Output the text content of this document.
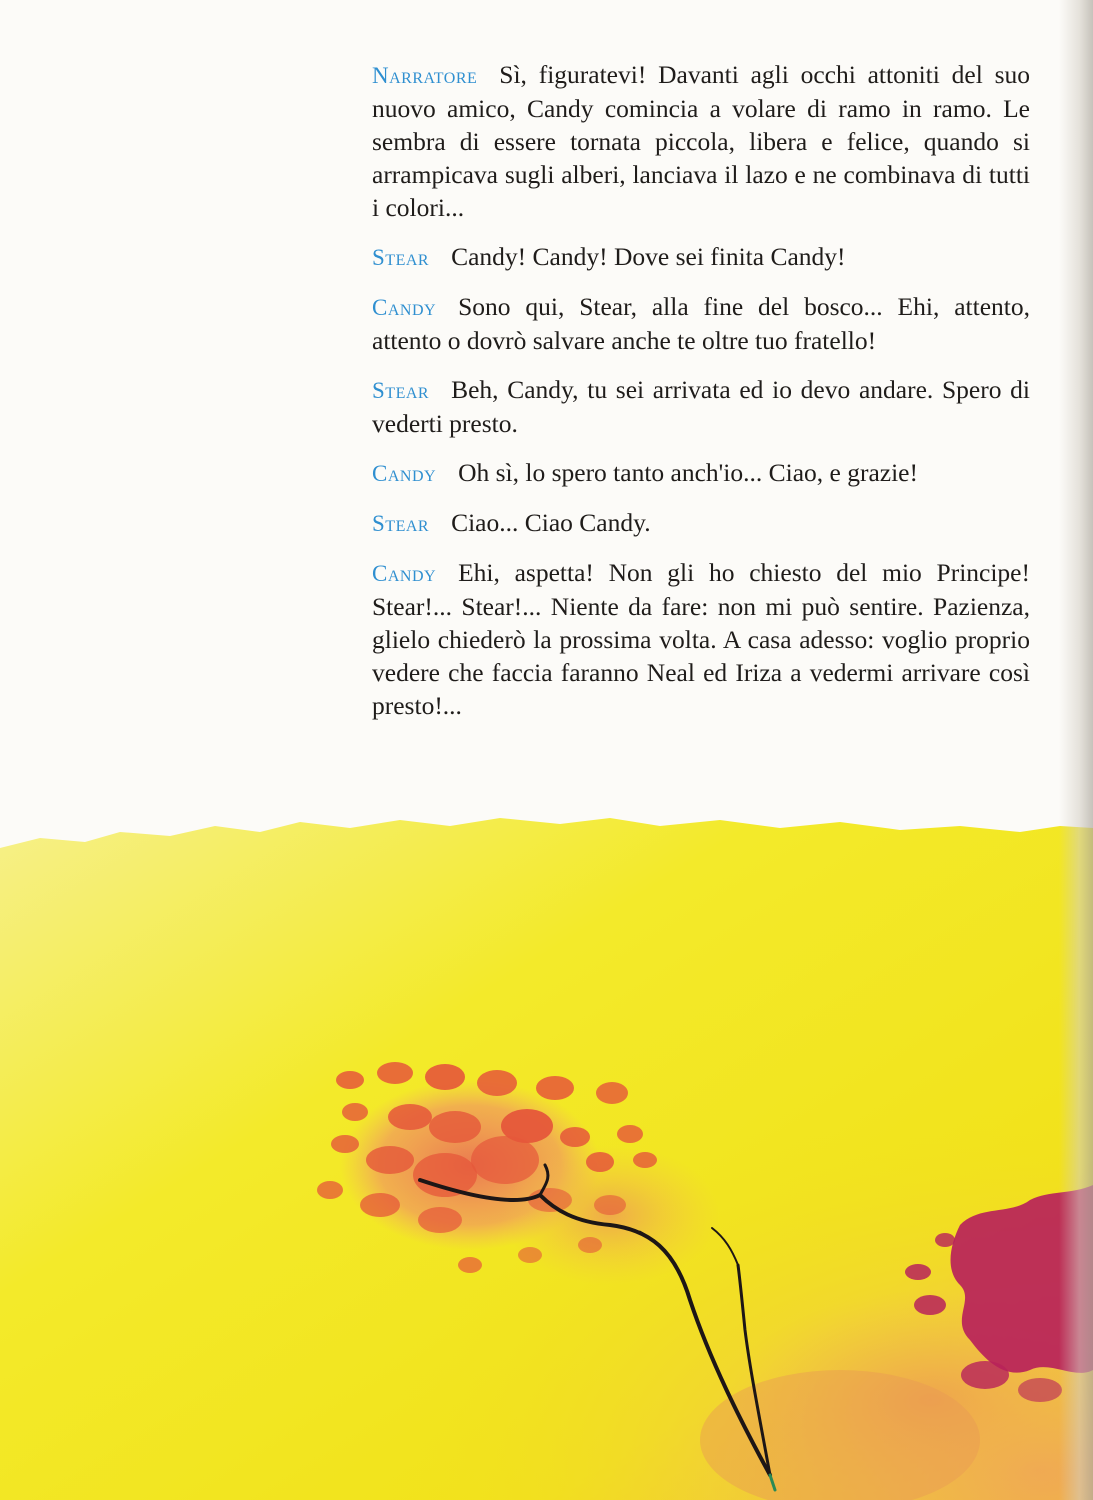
Narratore Sì, figuratevi! Davanti agli occhi attoniti del suo nuovo amico, Candy comincia a volare di ramo in ramo. Le sembra di essere tornata piccola, libera e felice, quando si arrampicava sugli alberi, lanciava il lazo e ne combinava di tutti i colori...

Stear Candy! Candy! Dove sei finita Candy!

Candy Sono qui, Stear, alla fine del bosco... Ehi, attento, attento o dovrò salvare anche te oltre tuo fratello!

Stear Beh, Candy, tu sei arrivata ed io devo andare. Spero di vederti presto.

Candy Oh sì, lo spero tanto anch'io... Ciao, e grazie!

Stear Ciao... Ciao Candy.

Candy Ehi, aspetta! Non gli ho chiesto del mio Principe! Stear!... Stear!... Niente da fare: non mi può sentire. Pazienza, glielo chiederò la prossima volta. A casa adesso: voglio proprio vedere che faccia faranno Neal ed Iriza a vedermi arrivare così presto!...
